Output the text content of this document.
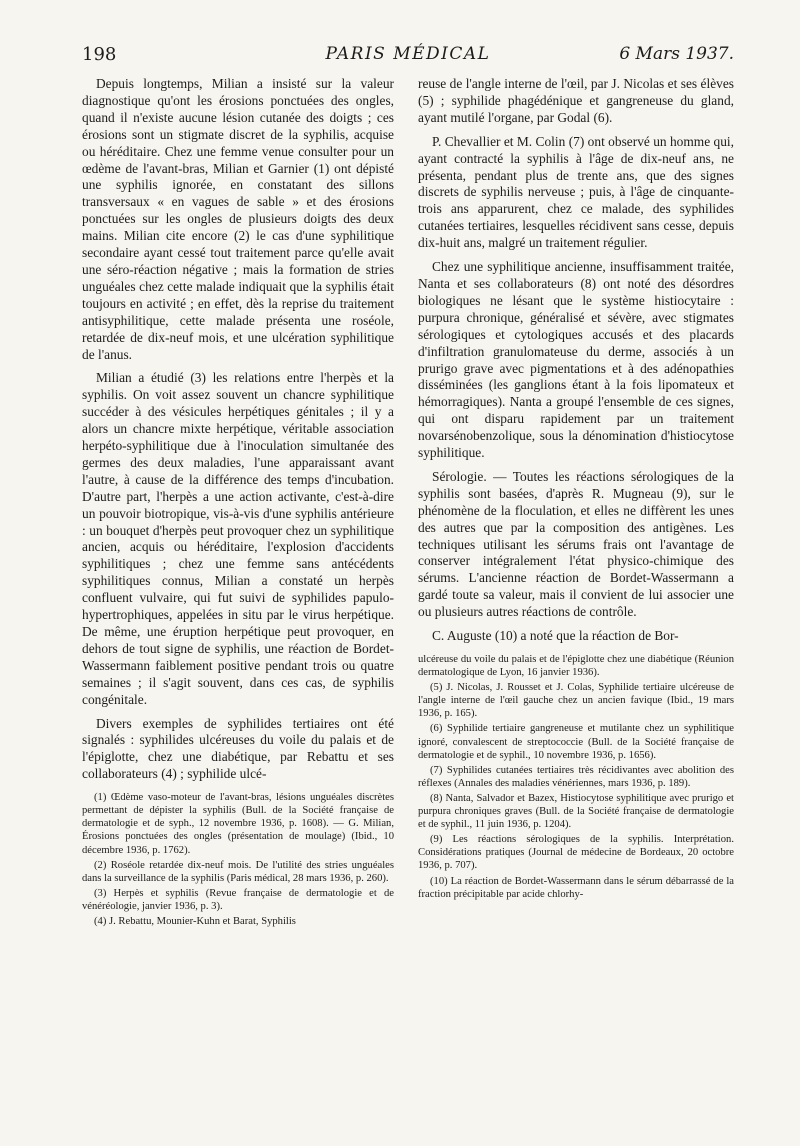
198	PARIS MÉDICAL	6 Mars 1937.

Depuis longtemps, Milian a insisté sur la valeur diagnostique qu'ont les érosions ponctuées des ongles, quand il n'existe aucune lésion cutanée des doigts ; ces érosions sont un stigmate discret de la syphilis, acquise ou héréditaire. Chez une femme venue consulter pour un œdème de l'avant-bras, Milian et Garnier (1) ont dépisté une syphilis ignorée, en constatant des sillons transversaux « en vagues de sable » et des érosions ponctuées sur les ongles de plusieurs doigts des deux mains. Milian cite encore (2) le cas d'une syphilitique secondaire ayant cessé tout traitement parce qu'elle avait une séro-réaction négative ; mais la formation de stries unguéales chez cette malade indiquait que la syphilis était toujours en activité ; en effet, dès la reprise du traitement antisyphilitique, cette malade présenta une roséole, retardée de dix-neuf mois, et une ulcération syphilitique de l'anus.

Milian a étudié (3) les relations entre l'herpès et la syphilis. On voit assez souvent un chancre syphilitique succéder à des vésicules herpétiques génitales ; il y a alors un chancre mixte herpétique, véritable association herpéto-syphilitique due à l'inoculation simultanée des germes des deux maladies, l'une apparaissant avant l'autre, à cause de la différence des temps d'incubation. D'autre part, l'herpès a une action activante, c'est-à-dire un pouvoir biotropique, vis-à-vis d'une syphilis antérieure : un bouquet d'herpès peut provoquer chez un syphilitique ancien, acquis ou héréditaire, l'explosion d'accidents syphilitiques ; chez une femme sans antécédents syphilitiques connus, Milian a constaté un herpès confluent vulvaire, qui fut suivi de syphilides papulo-hypertrophiques, appelées in situ par le virus herpétique. De même, une éruption herpétique peut provoquer, en dehors de tout signe de syphilis, une réaction de Bordet-Wassermann faiblement positive pendant trois ou quatre semaines ; il s'agit souvent, dans ces cas, de syphilis congénitale.

Divers exemples de syphilides tertiaires ont été signalés : syphilides ulcéreuses du voile du palais et de l'épiglotte, chez une diabétique, par Rebattu et ses collaborateurs (4) ; syphilide ulcé-

(1) Œdème vaso-moteur de l'avant-bras, lésions unguéales discrètes permettant de dépister la syphilis (Bull. de la Société française de dermatologie et de syph., 12 novembre 1936, p. 1608). — G. Milian, Érosions ponctuées des ongles (présentation de moulage) (Ibid., 10 décembre 1936, p. 1762).

(2) Roséole retardée dix-neuf mois. De l'utilité des stries unguéales dans la surveillance de la syphilis (Paris médical, 28 mars 1936, p. 260).

(3) Herpès et syphilis (Revue française de dermatologie et de vénéréologie, janvier 1936, p. 3).

(4) J. Rebattu, Mounier-Kuhn et Barat, Syphilis

reuse de l'angle interne de l'œil, par J. Nicolas et ses élèves (5) ; syphilide phagédénique et gangreneuse du gland, ayant mutilé l'organe, par Godal (6).

P. Chevallier et M. Colin (7) ont observé un homme qui, ayant contracté la syphilis à l'âge de dix-neuf ans, ne présenta, pendant plus de trente ans, que des signes discrets de syphilis nerveuse ; puis, à l'âge de cinquante-trois ans apparurent, chez ce malade, des syphilides cutanées tertiaires, lesquelles récidivent sans cesse, depuis dix-huit ans, malgré un traitement régulier.

Chez une syphilitique ancienne, insuffisamment traitée, Nanta et ses collaborateurs (8) ont noté des désordres biologiques ne lésant que le système histiocytaire : purpura chronique, généralisé et sévère, avec stigmates sérologiques et cytologiques accusés et des placards d'infiltration granulomateuse du derme, associés à un prurigo grave avec pigmentations et à des adénopathies disséminées (les ganglions étant à la fois lipomateux et hémorragiques). Nanta a groupé l'ensemble de ces signes, qui ont disparu rapidement par un traitement novarsénobenzolique, sous la dénomination d'histiocytose syphilitique.

Sérologie. — Toutes les réactions sérologiques de la syphilis sont basées, d'après R. Mugneau (9), sur le phénomène de la floculation, et elles ne diffèrent les unes des autres que par la composition des antigènes. Les techniques utilisant les sérums frais ont l'avantage de conserver intégralement l'état physico-chimique des sérums. L'ancienne réaction de Bordet-Wassermann a gardé toute sa valeur, mais il convient de lui associer une ou plusieurs autres réactions de contrôle.

C. Auguste (10) a noté que la réaction de Bor-

ulcéreuse du voile du palais et de l'épiglotte chez une diabétique (Réunion dermatologique de Lyon, 16 janvier 1936).

(5) J. Nicolas, J. Rousset et J. Colas, Syphilide tertiaire ulcéreuse de l'angle interne de l'œil gauche chez un ancien favique (Ibid., 19 mars 1936, p. 165).

(6) Syphilide tertiaire gangreneuse et mutilante chez un syphilitique ignoré, convalescent de streptococcie (Bull. de la Société française de dermatologie et de syphil., 10 novembre 1936, p. 1656).

(7) Syphilides cutanées tertiaires très récidivantes avec abolition des réflexes (Annales des maladies vénériennes, mars 1936, p. 189).

(8) Nanta, Salvador et Bazex, Histiocytose syphilitique avec prurigo et purpura chroniques graves (Bull. de la Société française de dermatologie et de syphil., 11 juin 1936, p. 1204).

(9) Les réactions sérologiques de la syphilis. Interprétation. Considérations pratiques (Journal de médecine de Bordeaux, 20 octobre 1936, p. 707).

(10) La réaction de Bordet-Wassermann dans le sérum débarrassé de la fraction précipitable par acide chlorhy-
